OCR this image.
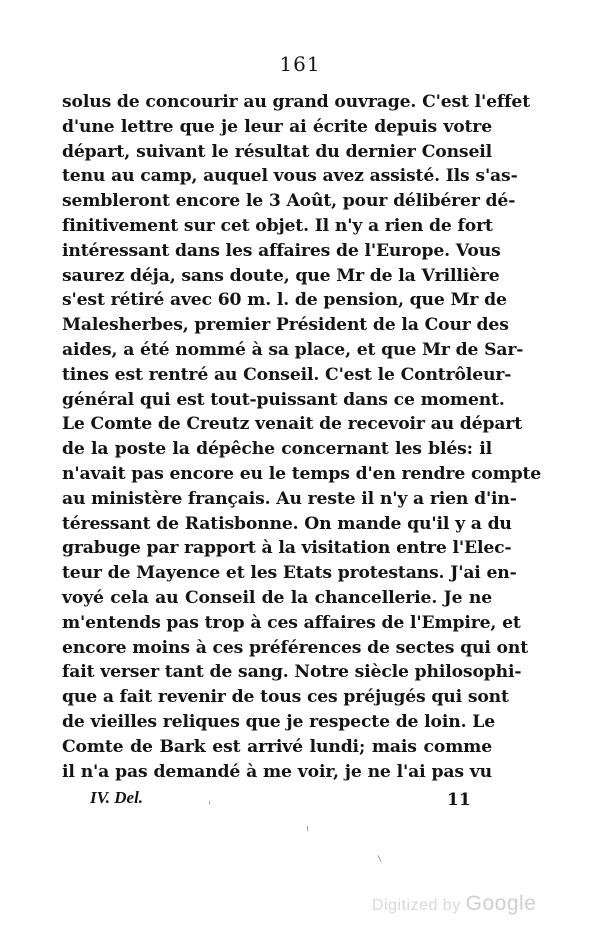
161
solus de concourir au grand ouvrage. C'est l'effet
d'une lettre que je leur ai écrite depuis votre
départ, suivant le résultat du dernier Conseil
tenu au camp, auquel vous avez assisté. Ils s'as-
sembleront encore le 3 Août, pour délibérer dé-
finitivement sur cet objet. Il n'y a rien de fort
intéressant dans les affaires de l'Europe. Vous
saurez déja, sans doute, que Mr de la Vrillière
s'est rétiré avec 60 m. l. de pension, que Mr de
Malesherbes, premier Président de la Cour des
aides, a été nommé à sa place, et que Mr de Sar-
tines est rentré au Conseil. C'est le Contrôleur-
général qui est tout-puissant dans ce moment.
Le Comte de Creutz venait de recevoir au départ
de la poste la dépêche concernant les blés: il
n'avait pas encore eu le temps d'en rendre compte
au ministère français. Au reste il n'y a rien d'in-
téressant de Ratisbonne. On mande qu'il y a du
grabuge par rapport à la visitation entre l'Elec-
teur de Mayence et les Etats protestans. J'ai en-
voyé cela au Conseil de la chancellerie. Je ne
m'entends pas trop à ces affaires de l'Empire, et
encore moins à ces préférences de sectes qui ont
fait verser tant de sang. Notre siècle philosophi-
que a fait revenir de tous ces préjugés qui sont
de vieilles reliques que je respecte de loin. Le
Comte de Bark est arrivé lundi; mais comme
il n'a pas demandé à me voir, je ne l'ai pas vu
IV. Del.	11
Digitized by Google
